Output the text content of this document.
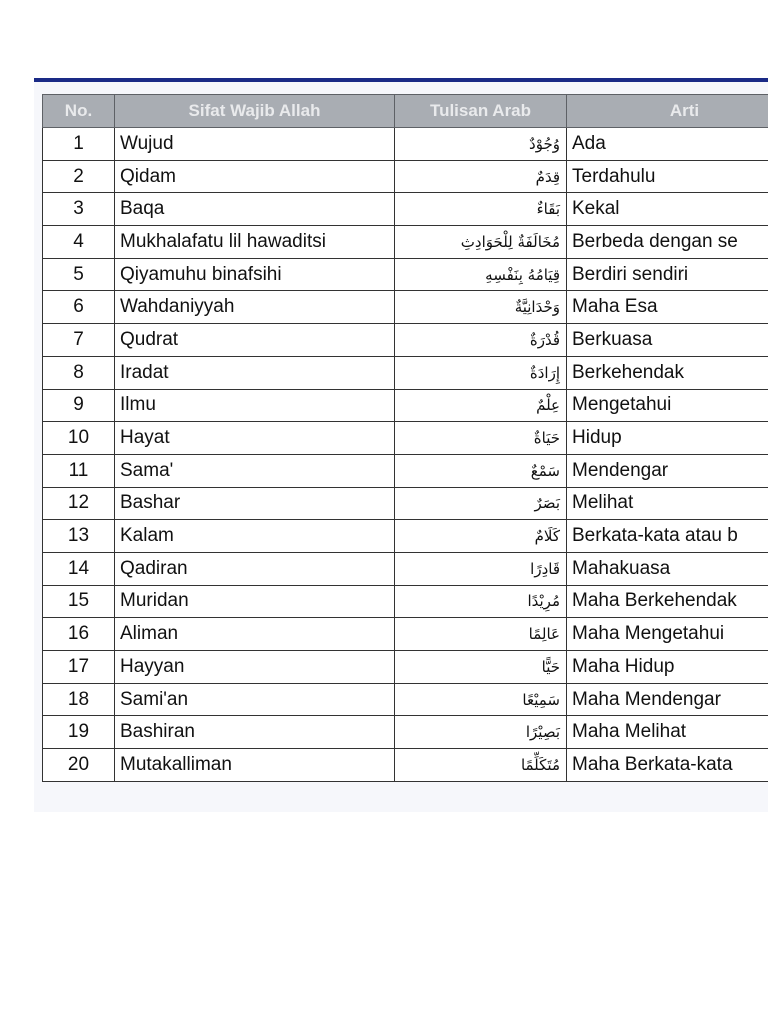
No.	Sifat Wajib Allah	Tulisan Arab	Arti
1	Wujud	وُجُوْدٌ	Ada
2	Qidam	قِدَمٌ	Terdahulu
3	Baqa	بَقَاءٌ	Kekal
4	Mukhalafatu lil hawaditsi	مُخَالَفَةٌ لِلْحَوَادِثِ	Berbeda dengan se
5	Qiyamuhu binafsihi	قِيَامُهُ بِنَفْسِهِ	Berdiri sendiri
6	Wahdaniyyah	وَحْدَانِيَّةٌ	Maha Esa
7	Qudrat	قُدْرَةٌ	Berkuasa
8	Iradat	إِرَادَةٌ	Berkehendak
9	Ilmu	عِلْمٌ	Mengetahui
10	Hayat	حَيَاةٌ	Hidup
11	Sama'	سَمْعٌ	Mendengar
12	Bashar	بَصَرٌ	Melihat
13	Kalam	كَلَامٌ	Berkata-kata atau b
14	Qadiran	قَادِرًا	Mahakuasa
15	Muridan	مُرِيْدًا	Maha Berkehendak
16	Aliman	عَالِمًا	Maha Mengetahui
17	Hayyan	حَيًّا	Maha Hidup
18	Sami'an	سَمِيْعًا	Maha Mendengar
19	Bashiran	بَصِيْرًا	Maha Melihat
20	Mutakalliman	مُتَكَلِّمًا	Maha Berkata-kata
